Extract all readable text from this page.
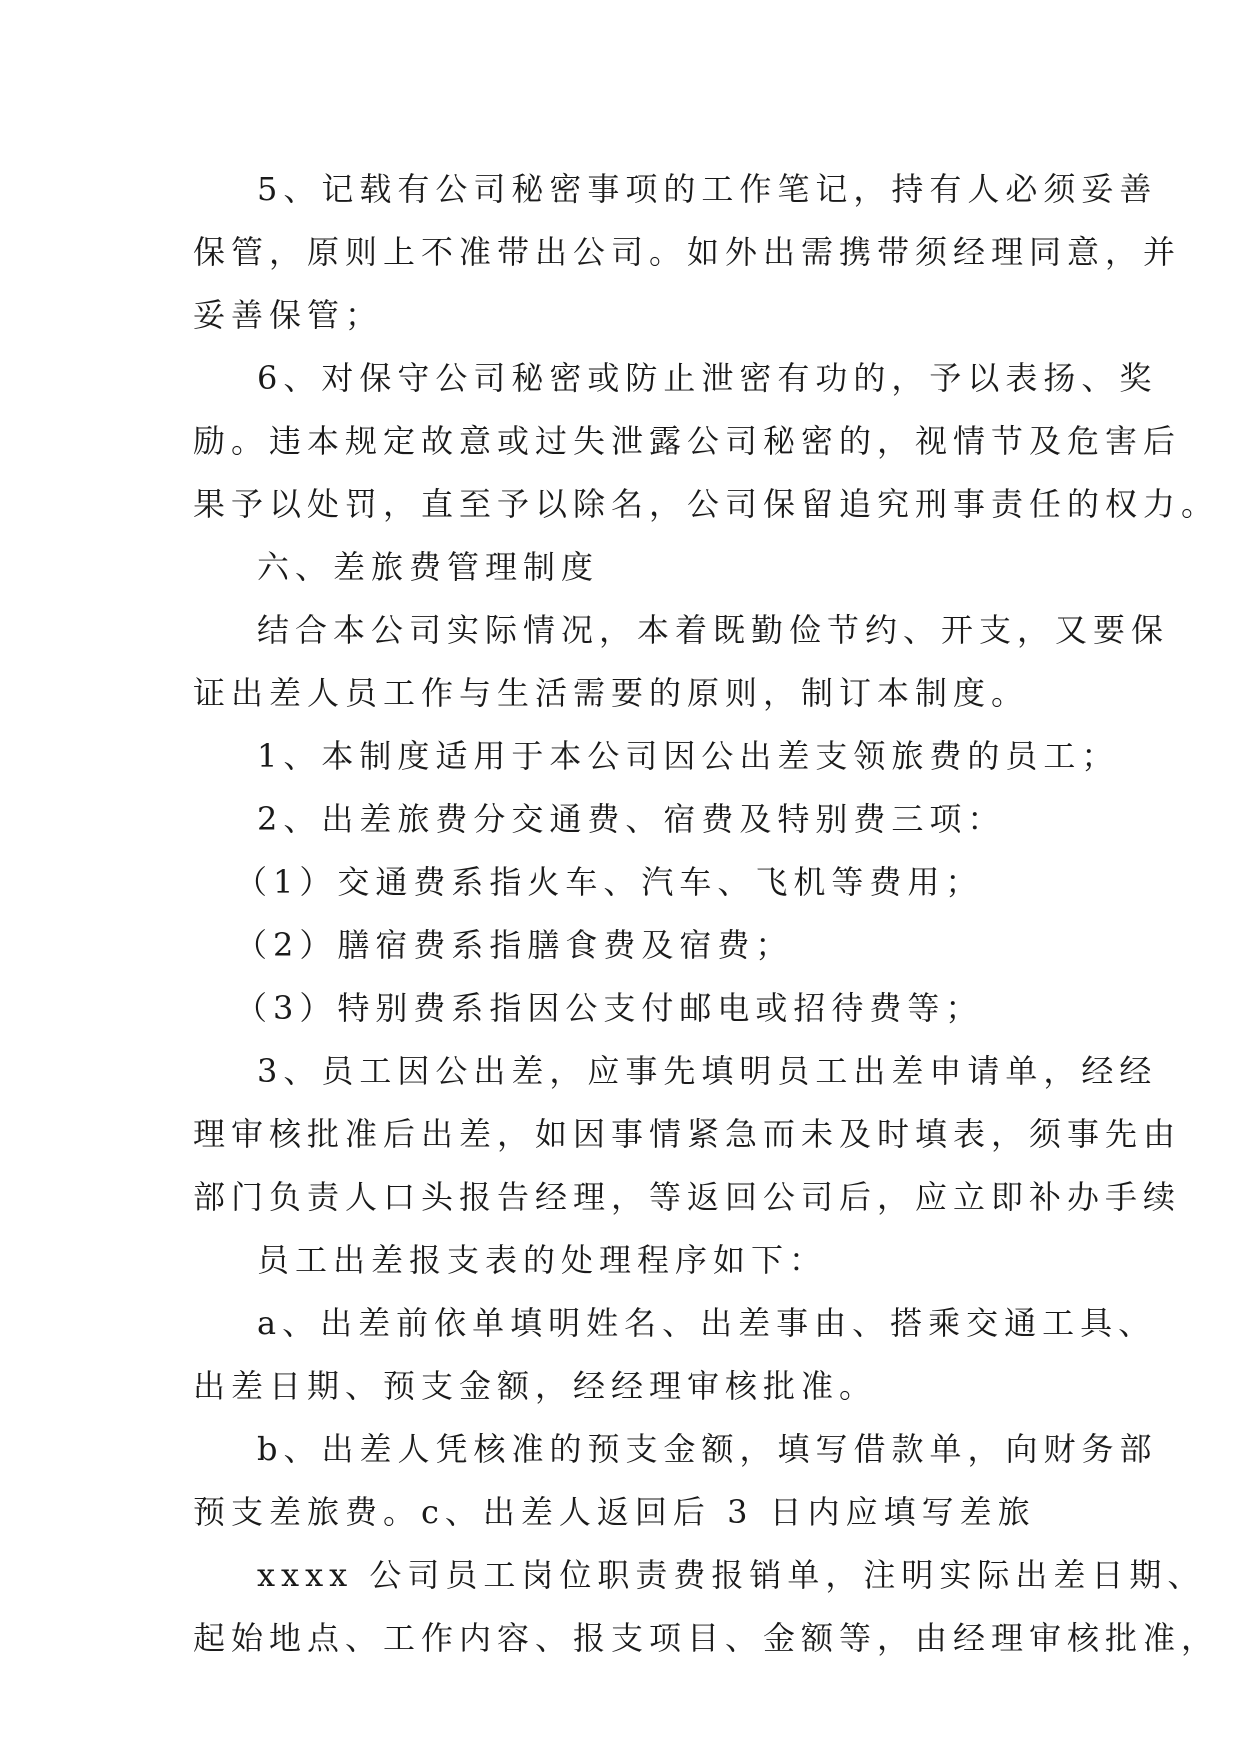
5、记载有公司秘密事项的工作笔记，持有人必须妥善
保管，原则上不准带出公司。如外出需携带须经理同意，并
妥善保管；
6、对保守公司秘密或防止泄密有功的，予以表扬、奖
励。违本规定故意或过失泄露公司秘密的，视情节及危害后
果予以处罚，直至予以除名，公司保留追究刑事责任的权力。
六、差旅费管理制度
结合本公司实际情况，本着既勤俭节约、开支，又要保
证出差人员工作与生活需要的原则，制订本制度。
1、本制度适用于本公司因公出差支领旅费的员工；
2、出差旅费分交通费、宿费及特别费三项：
（1）交通费系指火车、汽车、飞机等费用；
（2）膳宿费系指膳食费及宿费；
（3）特别费系指因公支付邮电或招待费等；
3、员工因公出差，应事先填明员工出差申请单，经经
理审核批准后出差，如因事情紧急而未及时填表，须事先由
部门负责人口头报告经理，等返回公司后，应立即补办手续
员工出差报支表的处理程序如下：
a、出差前依单填明姓名、出差事由、搭乘交通工具、
出差日期、预支金额，经经理审核批准。
b、出差人凭核准的预支金额，填写借款单，向财务部
预支差旅费。c、出差人返回后 3 日内应填写差旅
xxxx 公司员工岗位职责费报销单，注明实际出差日期、
起始地点、工作内容、报支项目、金额等，由经理审核批准，
